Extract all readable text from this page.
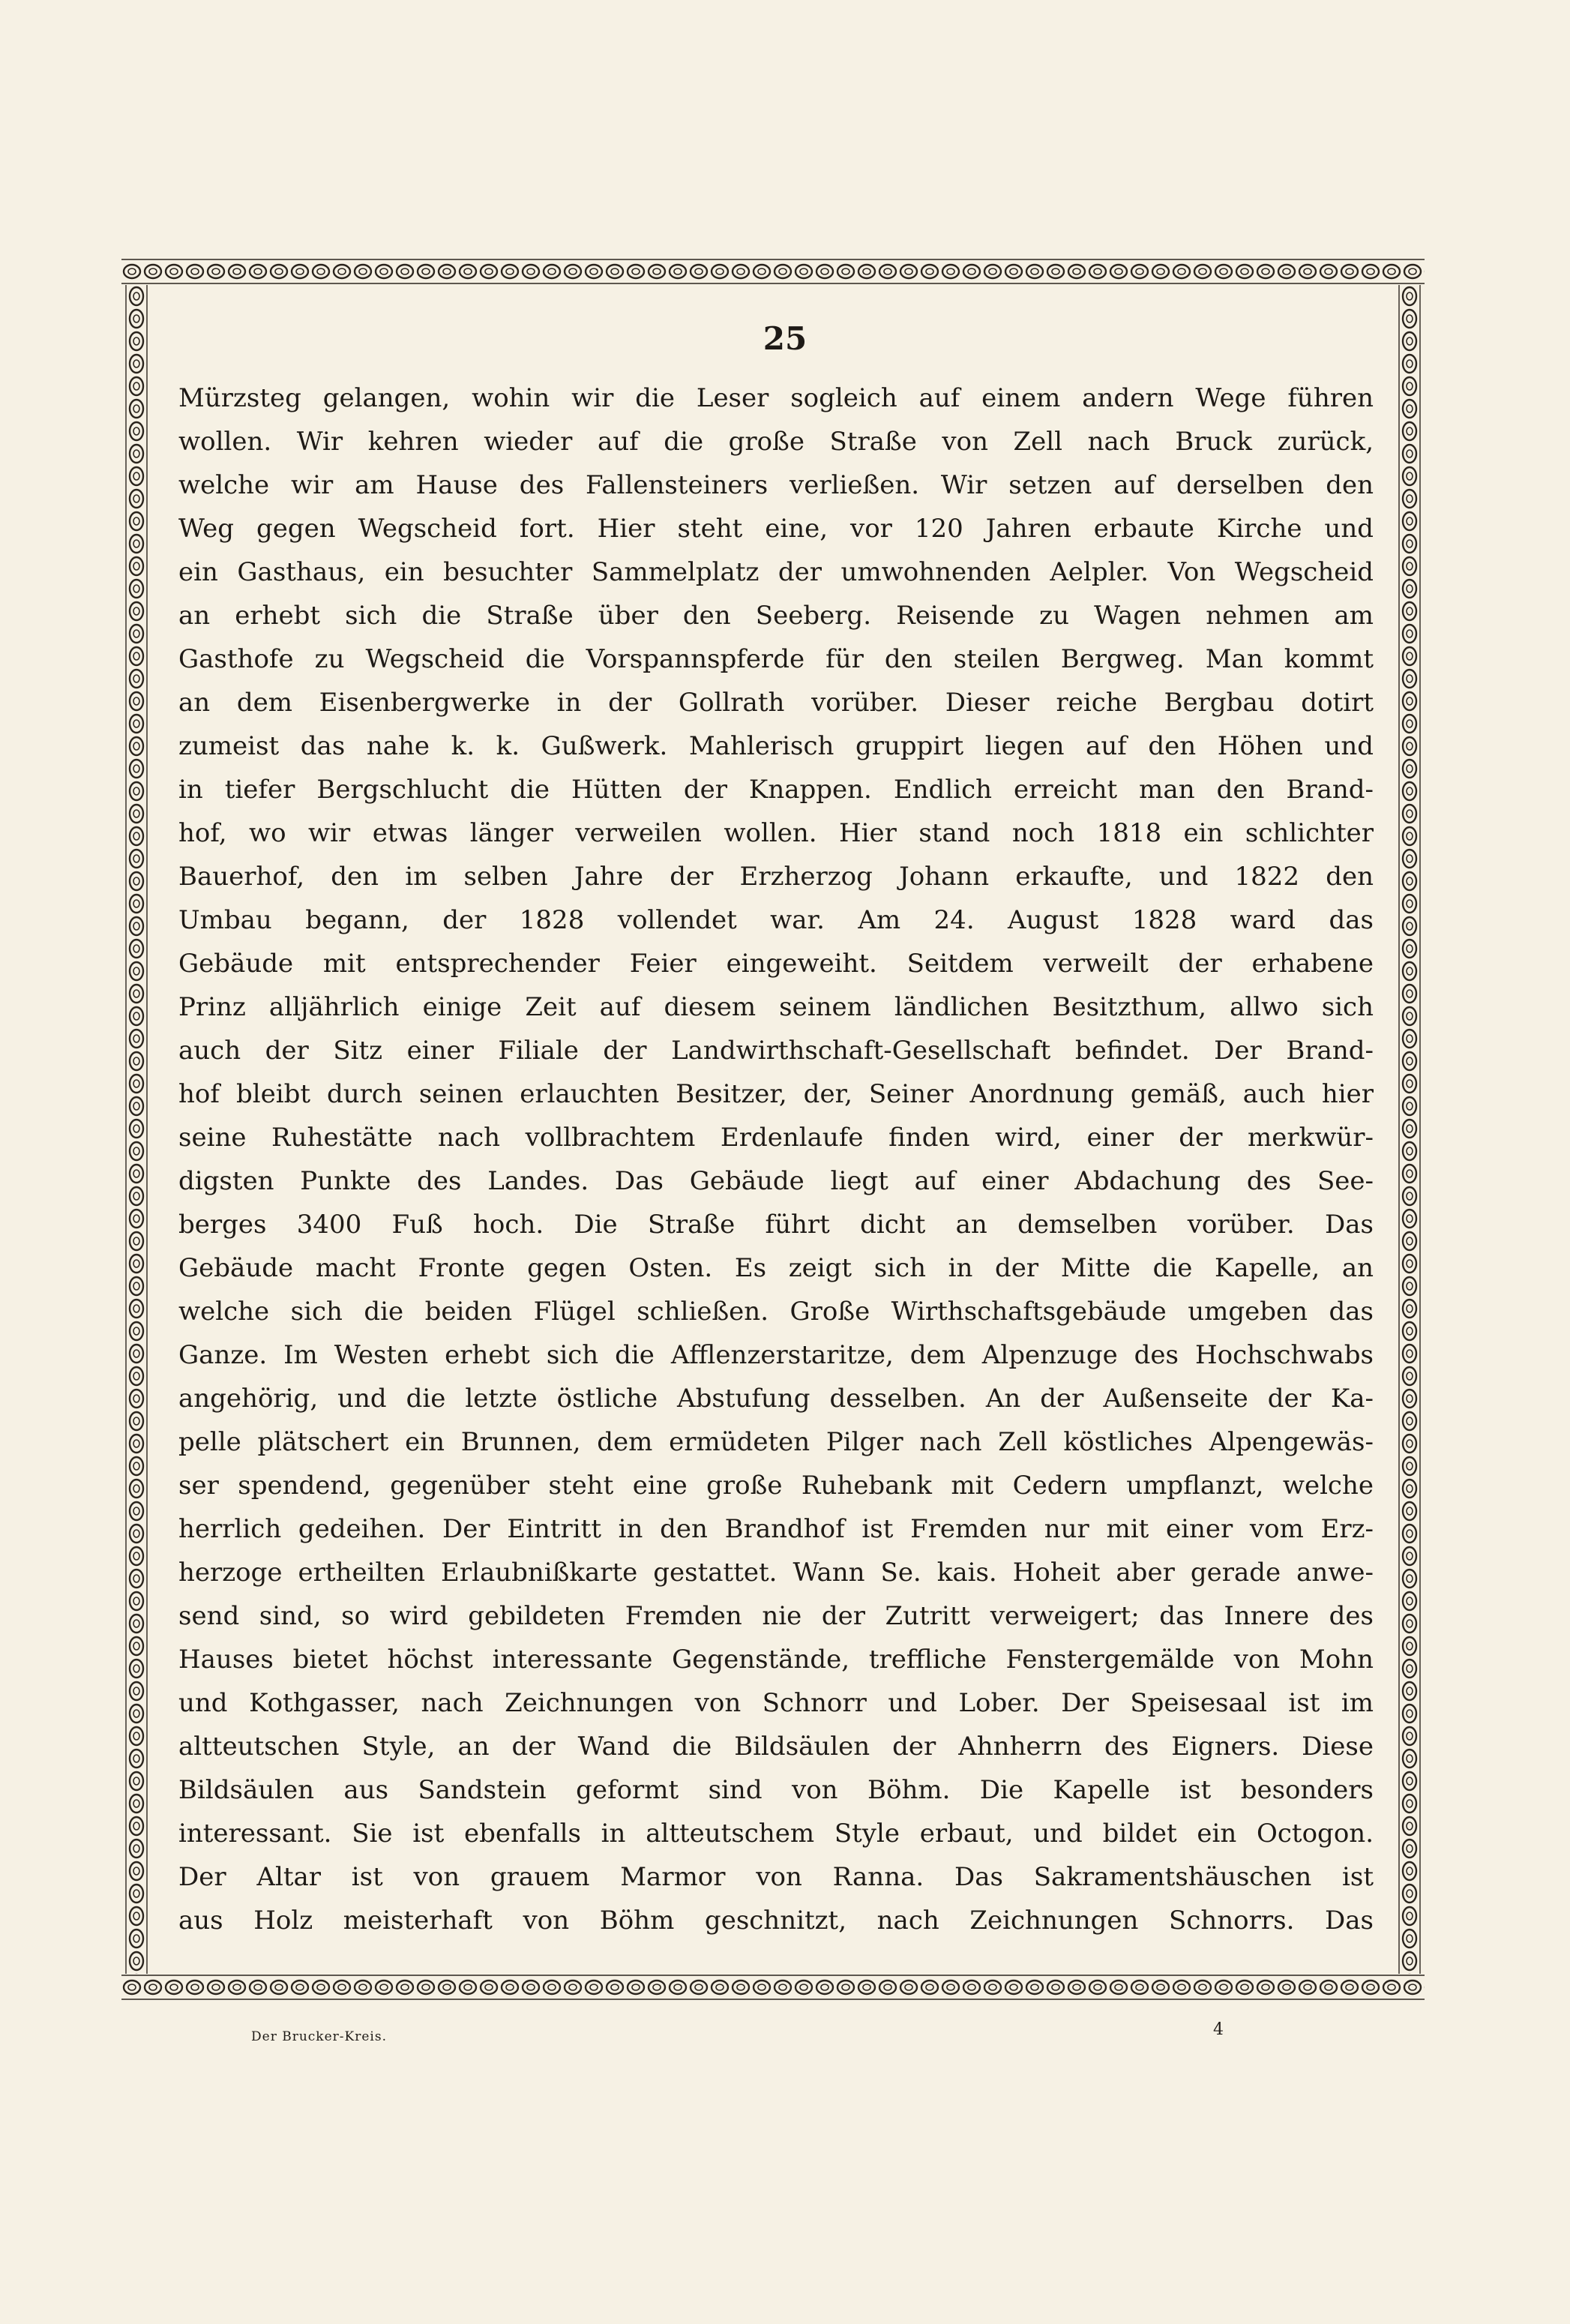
25
Mürzsteg gelangen, wohin wir die Leser sogleich auf einem andern Wege führen
wollen. Wir kehren wieder auf die große Straße von Zell nach Bruck zurück,
welche wir am Hause des Fallensteiners verließen. Wir setzen auf derselben den
Weg gegen Wegscheid fort. Hier steht eine, vor 120 Jahren erbaute Kirche und
ein Gasthaus, ein besuchter Sammelplatz der umwohnenden Aelpler. Von Wegscheid
an erhebt sich die Straße über den Seeberg. Reisende zu Wagen nehmen am
Gasthofe zu Wegscheid die Vorspannspferde für den steilen Bergweg. Man kommt
an dem Eisenbergwerke in der Gollrath vorüber. Dieser reiche Bergbau dotirt
zumeist das nahe k. k. Gußwerk. Mahlerisch gruppirt liegen auf den Höhen und
in tiefer Bergschlucht die Hütten der Knappen. Endlich erreicht man den Brand-
hof, wo wir etwas länger verweilen wollen. Hier stand noch 1818 ein schlichter
Bauerhof, den im selben Jahre der Erzherzog Johann erkaufte, und 1822 den
Umbau begann, der 1828 vollendet war. Am 24. August 1828 ward das
Gebäude mit entsprechender Feier eingeweiht. Seitdem verweilt der erhabene
Prinz alljährlich einige Zeit auf diesem seinem ländlichen Besitzthum, allwo sich
auch der Sitz einer Filiale der Landwirthschaft-Gesellschaft befindet. Der Brand-
hof bleibt durch seinen erlauchten Besitzer, der, Seiner Anordnung gemäß, auch hier
seine Ruhestätte nach vollbrachtem Erdenlaufe finden wird, einer der merkwür-
digsten Punkte des Landes. Das Gebäude liegt auf einer Abdachung des See-
berges 3400 Fuß hoch. Die Straße führt dicht an demselben vorüber. Das
Gebäude macht Fronte gegen Osten. Es zeigt sich in der Mitte die Kapelle, an
welche sich die beiden Flügel schließen. Große Wirthschaftsgebäude umgeben das
Ganze. Im Westen erhebt sich die Afflenzerstaritze, dem Alpenzuge des Hochschwabs
angehörig, und die letzte östliche Abstufung desselben. An der Außenseite der Ka-
pelle plätschert ein Brunnen, dem ermüdeten Pilger nach Zell köstliches Alpengewäs-
ser spendend, gegenüber steht eine große Ruhebank mit Cedern umpflanzt, welche
herrlich gedeihen. Der Eintritt in den Brandhof ist Fremden nur mit einer vom Erz-
herzoge ertheilten Erlaubnißkarte gestattet. Wann Se. kais. Hoheit aber gerade anwe-
send sind, so wird gebildeten Fremden nie der Zutritt verweigert; das Innere des
Hauses bietet höchst interessante Gegenstände, treffliche Fenstergemälde von Mohn
und Kothgasser, nach Zeichnungen von Schnorr und Lober. Der Speisesaal ist im
altteutschen Style, an der Wand die Bildsäulen der Ahnherrn des Eigners. Diese
Bildsäulen aus Sandstein geformt sind von Böhm. Die Kapelle ist besonders
interessant. Sie ist ebenfalls in altteutschem Style erbaut, und bildet ein Octogon.
Der Altar ist von grauem Marmor von Ranna. Das Sakramentshäuschen ist
aus Holz meisterhaft von Böhm geschnitzt, nach Zeichnungen Schnorrs. Das
Der Brucker-Kreis.	4
